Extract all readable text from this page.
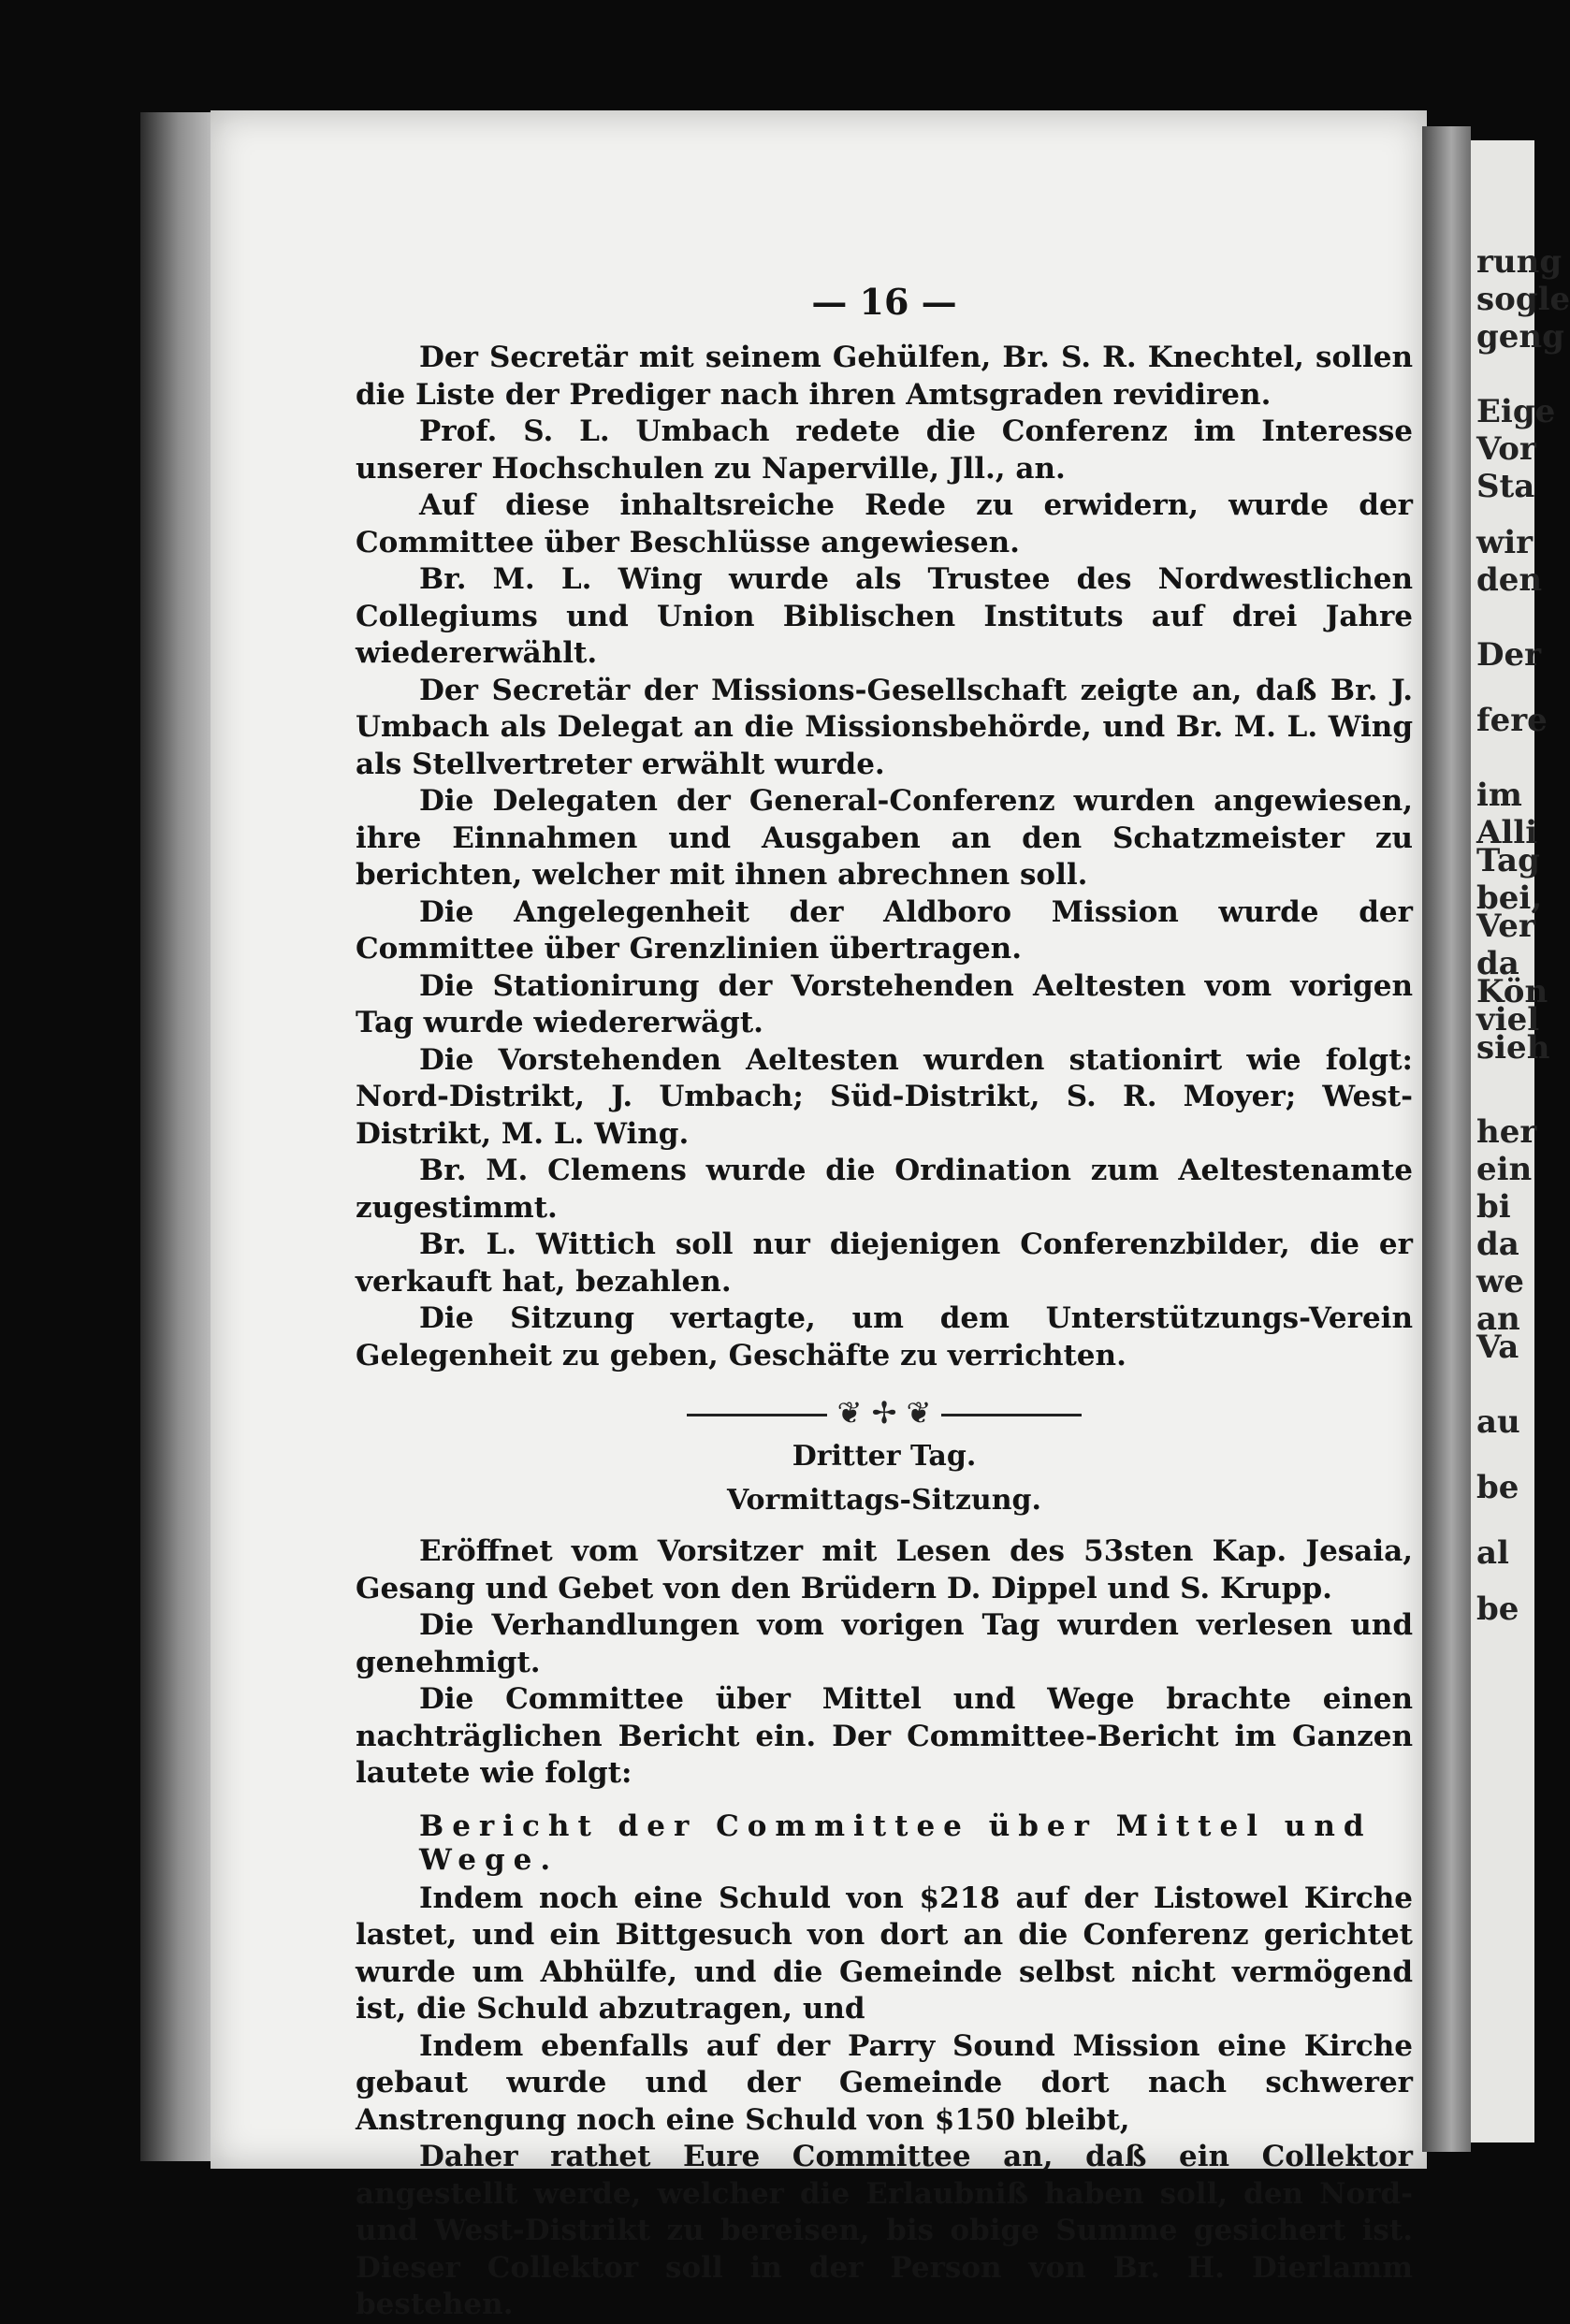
rung
sogle
geng
Eige
Vor
Sta
wir
den
Der
fere
im
Alli
Tag
bei,
Ver
da
Kön
viel
sieh
her
ein
bi
da
we
an
Va
au
be
al
be
— 16 —

Der Secretär mit seinem Gehülfen, Br. S. R. Knechtel, sollen die Liste der Prediger nach ihren Amtsgraden revidiren.

Prof. S. L. Umbach redete die Conferenz im Interesse unserer Hochschulen zu Naperville, Jll., an.

Auf diese inhaltsreiche Rede zu erwidern, wurde der Committee über Beschlüsse angewiesen.

Br. M. L. Wing wurde als Trustee des Nordwestlichen Collegiums und Union Biblischen Instituts auf drei Jahre wiedererwählt.

Der Secretär der Missions-Gesellschaft zeigte an, daß Br. J. Umbach als Delegat an die Missionsbehörde, und Br. M. L. Wing als Stellvertreter erwählt wurde.

Die Delegaten der General-Conferenz wurden angewiesen, ihre Einnahmen und Ausgaben an den Schatzmeister zu berichten, welcher mit ihnen abrechnen soll.

Die Angelegenheit der Aldboro Mission wurde der Committee über Grenzlinien übertragen.

Die Stationirung der Vorstehenden Aeltesten vom vorigen Tag wurde wiedererwägt.

Die Vorstehenden Aeltesten wurden stationirt wie folgt: Nord-Distrikt, J. Umbach; Süd-Distrikt, S. R. Moyer; West-Distrikt, M. L. Wing.

Br. M. Clemens wurde die Ordination zum Aeltestenamte zugestimmt.

Br. L. Wittich soll nur diejenigen Conferenzbilder, die er verkauft hat, bezahlen.

Die Sitzung vertagte, um dem Unterstützungs-Verein Gelegenheit zu geben, Geschäfte zu verrichten.

❦ ✢ ❦
Dritter Tag.
Vormittags-Sitzung.

Eröffnet vom Vorsitzer mit Lesen des 53sten Kap. Jesaia, Gesang und Gebet von den Brüdern D. Dippel und S. Krupp.

Die Verhandlungen vom vorigen Tag wurden verlesen und genehmigt.

Die Committee über Mittel und Wege brachte einen nachträglichen Bericht ein. Der Committee-Bericht im Ganzen lautete wie folgt:

Bericht der Committee über Mittel und Wege.

Indem noch eine Schuld von $218 auf der Listowel Kirche lastet, und ein Bittgesuch von dort an die Conferenz gerichtet wurde um Abhülfe, und die Gemeinde selbst nicht vermögend ist, die Schuld abzutragen, und

Indem ebenfalls auf der Parry Sound Mission eine Kirche gebaut wurde und der Gemeinde dort nach schwerer Anstrengung noch eine Schuld von $150 bleibt,

Daher rathet Eure Committee an, daß ein Collektor angestellt werde, welcher die Erlaubniß haben soll, den Nord- und West-Distrikt zu bereisen, bis obige Summe gesichert ist. Dieser Collektor soll in der Person von Br. H. Dierlamm bestehen.
